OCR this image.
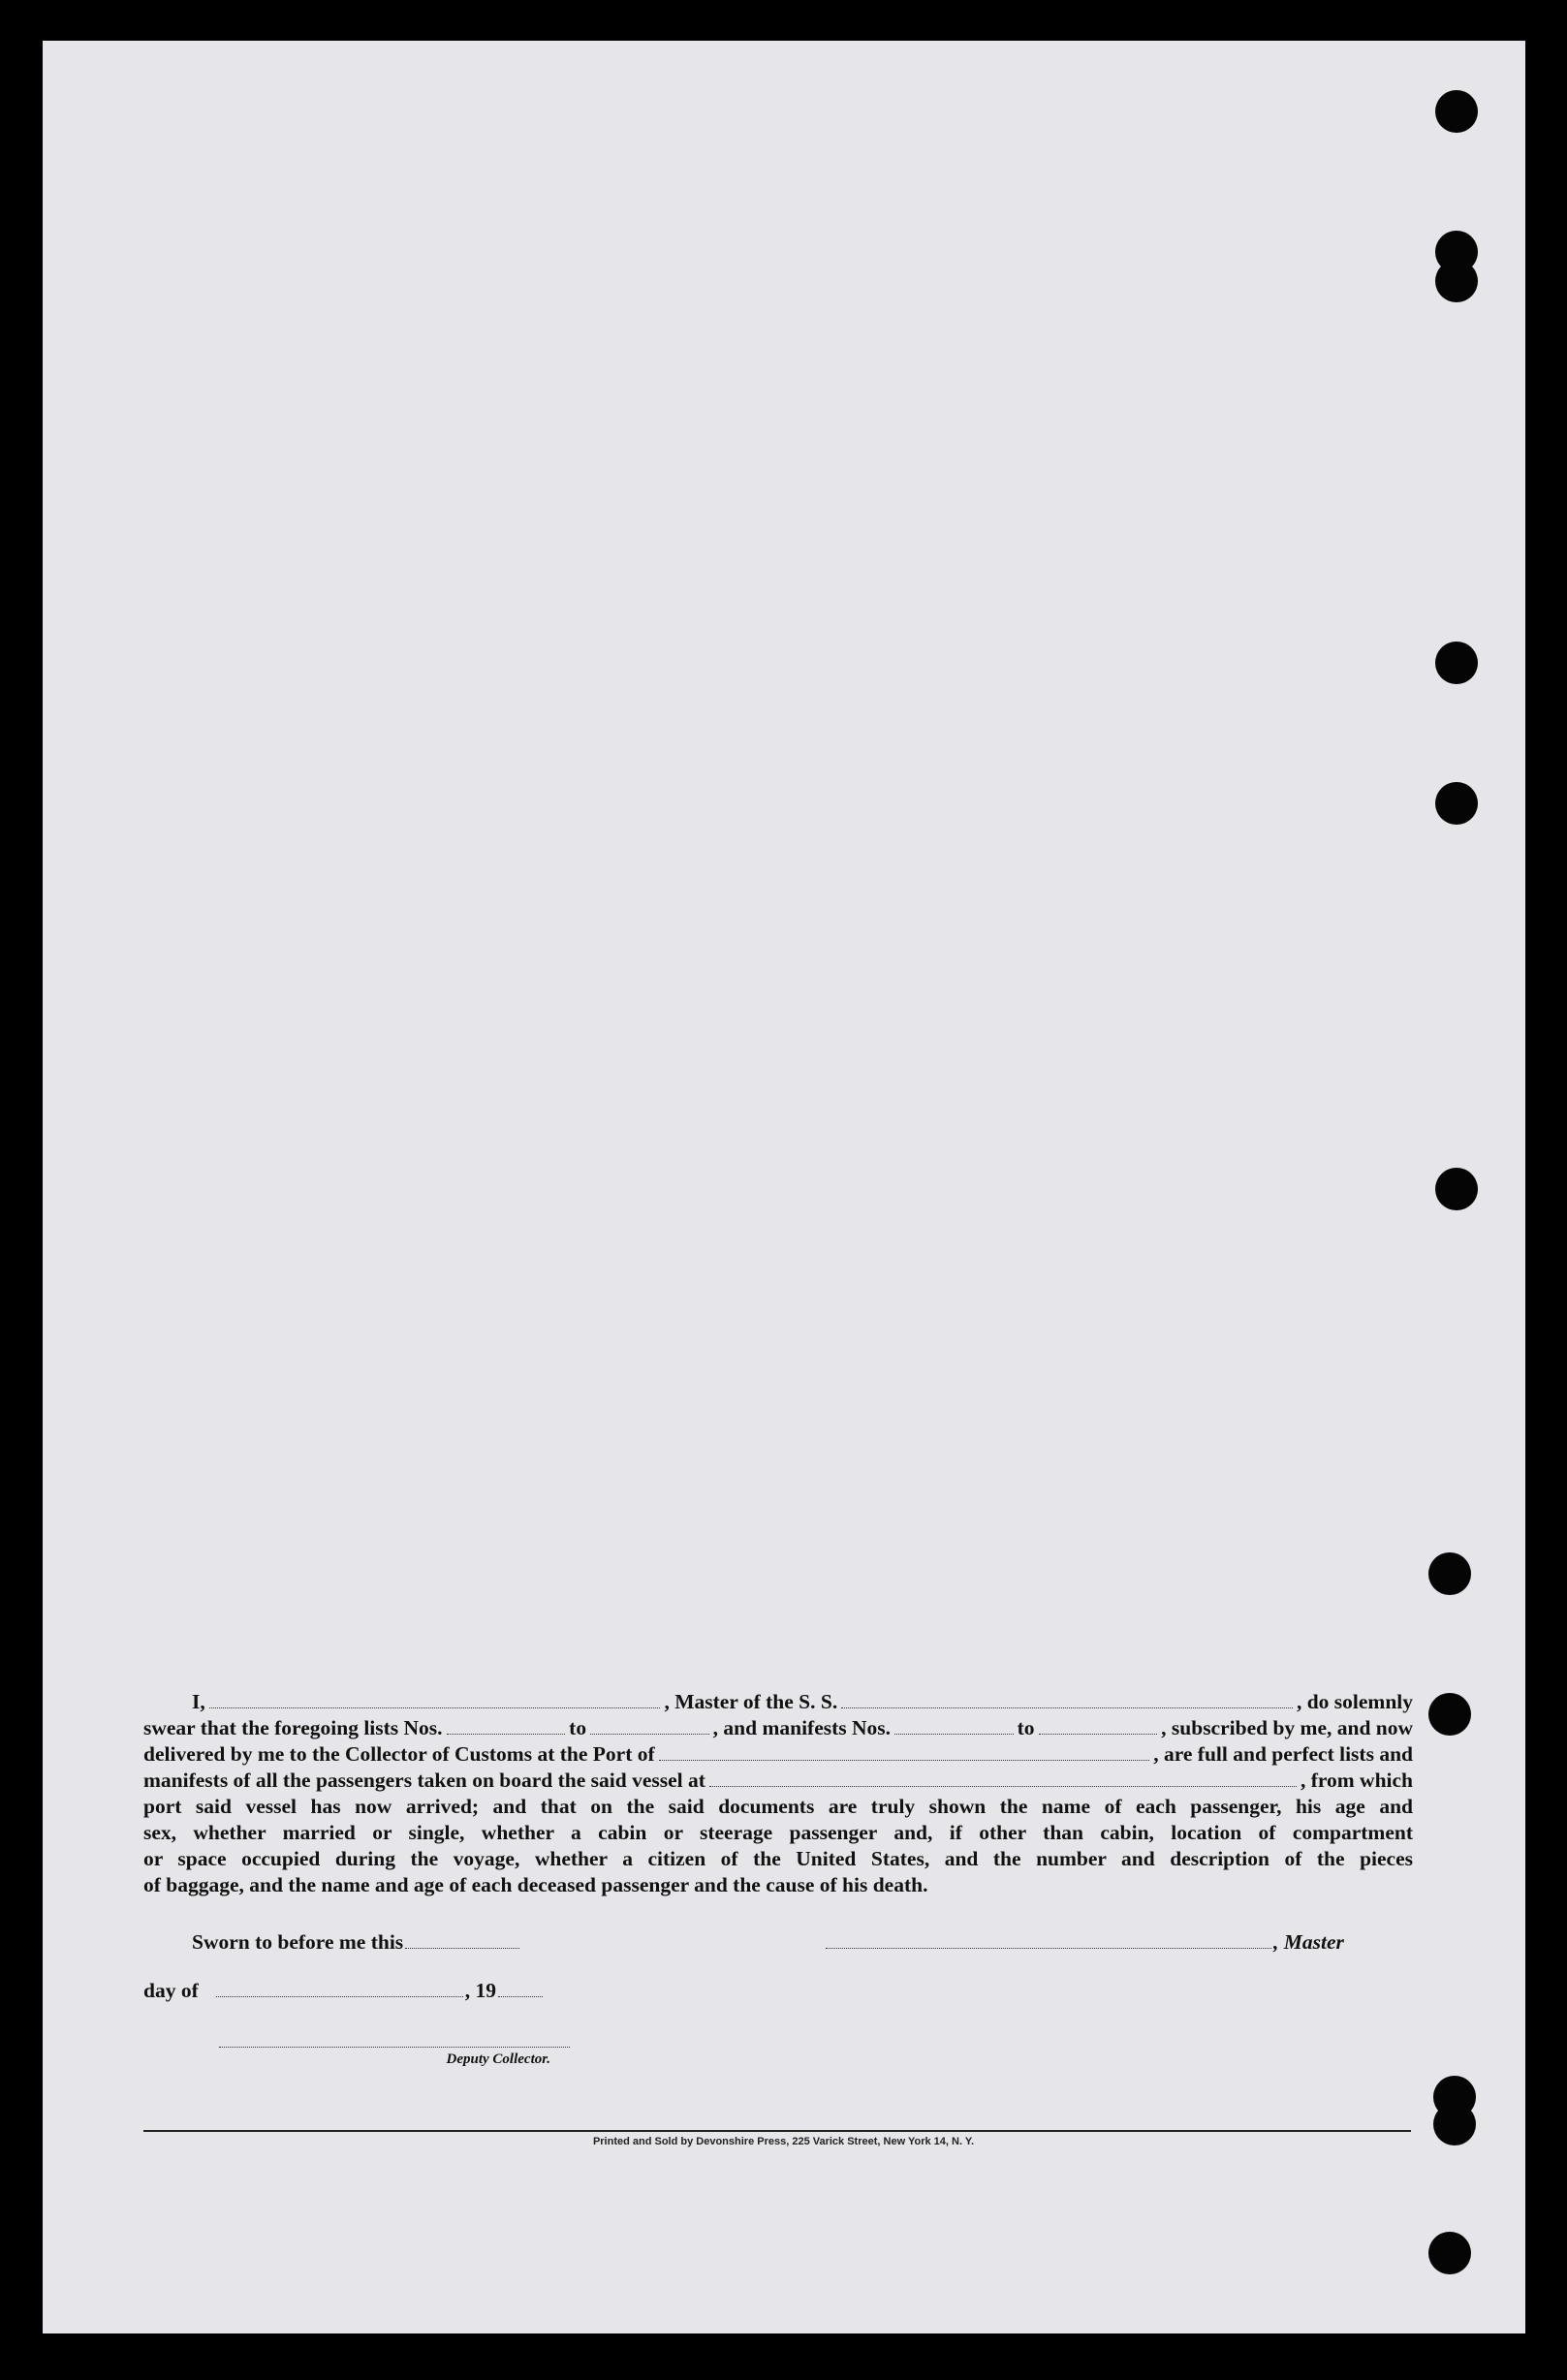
I,	, Master of the S. S.	, do solemnly
swear that the foregoing lists Nos.	to	, and manifests Nos.	to	, subscribed by me, and now
delivered by me to the Collector of Customs at the Port of	, are full and perfect lists and
manifests of all the passengers taken on board the said vessel at	, from which
port said vessel has now arrived; and that on the said documents are truly shown the name of each passenger, his age and
sex, whether married or single, whether a cabin or steerage passenger and, if other than cabin, location of compartment
or space occupied during the voyage, whether a citizen of the United States, and the number and description of the pieces
of baggage, and the name and age of each deceased passenger and the cause of his death.
Sworn to before me this	, Master
day of	, 19
Deputy Collector.
Printed and Sold by Devonshire Press, 225 Varick Street, New York 14, N. Y.
